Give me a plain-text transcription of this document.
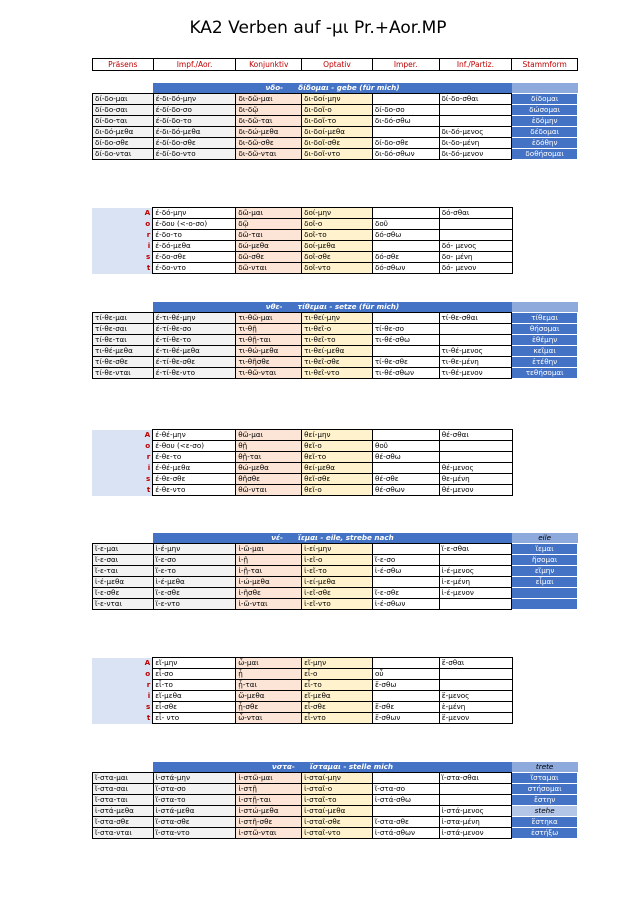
KA2 Verben auf -μι Pr.+Aor.MP
Präsens	Impf./Aor.	Konjunktiv	Optativ	Imper.	Inf./Partiz.	Stammform
	νδο- δίδομαι - gebe (für mich)					
δί-δο-μαι	έ-δι-δό-μην	δι-δῶ-μαι	δι-δοί-μην		δί-δο-σθαι	δίδομαι
δί-δο-σαι	έ-δί-δο-σο	δι-δῷ	δι-δοῖ-ο	δί-δο-σο		δώσομαι
δί-δο-ται	έ-δί-δο-το	δι-δῶ-ται	δι-δοῖ-το	δι-δό-σθω		ἐδόμην
δι-δό-μεθα	έ-δι-δό-μεθα	δι-δώ-μεθα	δι-δοί-μεθα		δι-δό-μενος	δέδομαι
δί-δο-σθε	έ-δί-δο-σθε	δι-δῶ-σθε	δι-δοῖ-σθε	δί-δο-σθε	δι-δο-μένη	ἐδόθην
δί-δο-νται	έ-δί-δο-ντο	δι-δῶ-νται	δι-δοῖ-ντο	δι-δό-σθων	δι-δό-μενον	δοθήσομαι
	νθε- τίθεμαι - setze (für mich)					
τί-θε-μαι	έ-τι-θέ-μην	τι-θῶ-μαι	τι-θεί-μην		τί-θε-σθαι	τίθεμαι
τί-θε-σαι	έ-τί-θε-σο	τι-θῇ	τι-θεῖ-ο	τί-θε-σο		θήσομαι
τί-θε-ται	έ-τί-θε-το	τι-θῇ-ται	τι-θεῖ-το	τι-θέ-σθω		ἐθέμην
τι-θέ-μεθα	έ-τι-θέ-μεθα	τι-θώ-μεθα	τι-θεί-μεθα		τι-θέ-μενος	κεῖμαι
τί-θε-σθε	έ-τί-θε-σθε	τι-θῆσθε	τι-θεῖ-σθε	τί-θε-σθε	τι-θε-μένη	ἐτέθην
τί-θε-νται	έ-τί-θε-ντο	τι-θῶ-νται	τι-θεῖ-ντο	τι-θέ-σθων	τι-θέ-μενον	τεθήσομαι
	νέ- ἵεμαι - eile, strebe nach					eile
ἵ-ε-μαι	ἱ-έ-μην	ἱ-ῶ-μαι	ἱ-εί-μην		ἵ-ε-σθαι	ἵεμαι
ἵ-ε-σαι	ἵ-ε-σο	ἱ-ῇ	ἱ-εῖ-ο	ἵ-ε-σο		ἥσομαι
ἵ-ε-ται	ἵ-ε-το	ἱ-ῇ-ται	ἱ-εῖ-το	ἱ-έ-σθω	ἱ-έ-μενος	εἵμην
ἱ-έ-μεθα	ἱ-έ-μεθα	ἱ-ώ-μεθα	ἱ-εί-μεθα		ἱ-ε-μένη	εἷμαι
ἵ-ε-σθε	ἵ-ε-σθε	ἱ-ῆσθε	ἱ-εῖ-σθε	ἵ-ε-σθε	ἱ-έ-μενον	
ἵ-ε-νται	ἵ-ε-ντο	ἱ-ῶ-νται	ἱ-εῖ-ντο	ἱ-έ-σθων		
	νστα- ἵσταμαι - stelle mich					trete
ἵ-στα-μαι	ἱ-στά-μην	ἱ-στῶ-μαι	ἱ-σταί-μην		ἵ-στα-σθαι	ἵσταμαι
ἵ-στα-σαι	ἵ-στα-σο	ἱ-στῇ	ἱ-σταῖ-ο	ἵ-στα-σο		στήσομαι
ἵ-στα-ται	ἵ-στα-το	ἱ-στῇ-ται	ἱ-σταῖ-το	ἱ-στά-σθω		ἔστην
ἱ-στά-μεθα	ἱ-στά-μεθα	ἱ-στώ-μεθα	ἱ-σταί-μεθα		ἱ-στά-μενος	stehe
ἵ-στα-σθε	ἵ-στα-σθε	ἱ-στῆ-σθε	ἱ-σταῖ-σθε	ἵ-στα-σθε	ἱ-στα-μένη	ἕστηκα
ἵ-στα-νται	ἵ-στα-ντο	ἱ-στῶ-νται	ἱ-σταῖ-ντο	ἱ-στά-σθων	ἱ-στά-μενον	ἑστήξω
A	έ-δό-μην	δῶ-μαι	δοί-μην		δό-σθαι	
o	έ-δου (<-ο-σο)	δῷ	δοῖ-ο	δοῦ		
r	έ-δο-το	δῶ-ται	δοῖ-το	δό-σθω		
i	έ-δό-μεθα	δώ-μεθα	δοί-μεθα		δό- μενος	
s	έ-δο-σθε	δῶ-σθε	δοῖ-σθε	δό-σθε	δο- μένη	
t	έ-δο-ντο	δῶ-νται	δοῖ-ντο	δό-σθων	δό- μενον	
A	έ-θέ-μην	θῶ-μαι	θεί-μην		θέ-σθαι	
o	έ-θου (<ε-σο)	θῇ	θεῖ-ο	θοῦ		
r	έ-θε-το	θῇ-ται	θεῖ-το	θέ-σθω		
i	έ-θέ-μεθα	θώ-μεθα	θεί-μεθα		θέ-μενος	
s	έ-θε-σθε	θῆσθε	θεῖ-σθε	θέ-σθε	θε-μένη	
t	έ-θε-ντο	θῶ-νται	θεῖ-ο	θέ-σθων	θέ-μενον	
A	εἵ-μην	ὧ-μαι	εἵ-μην		ἕ-σθαι	
o	εἷ-σο	ᾗ	εἷ-ο	οὗ		
r	εἷ-το	ᾗ-ται	εἷ-το	ἕ-σθω		
i	εἵ-μεθα	ὥ-μεθα	εἵ-μεθα		ἕ-μενος	
s	εἷ-σθε	ᾗ-σθε	εἷ-σθε	ἕ-σθε	ἑ-μένη	
t	εἷ- ντο	ὧ-νται	εἷ-ντο	ἕ-σθων	ἕ-μενον	
